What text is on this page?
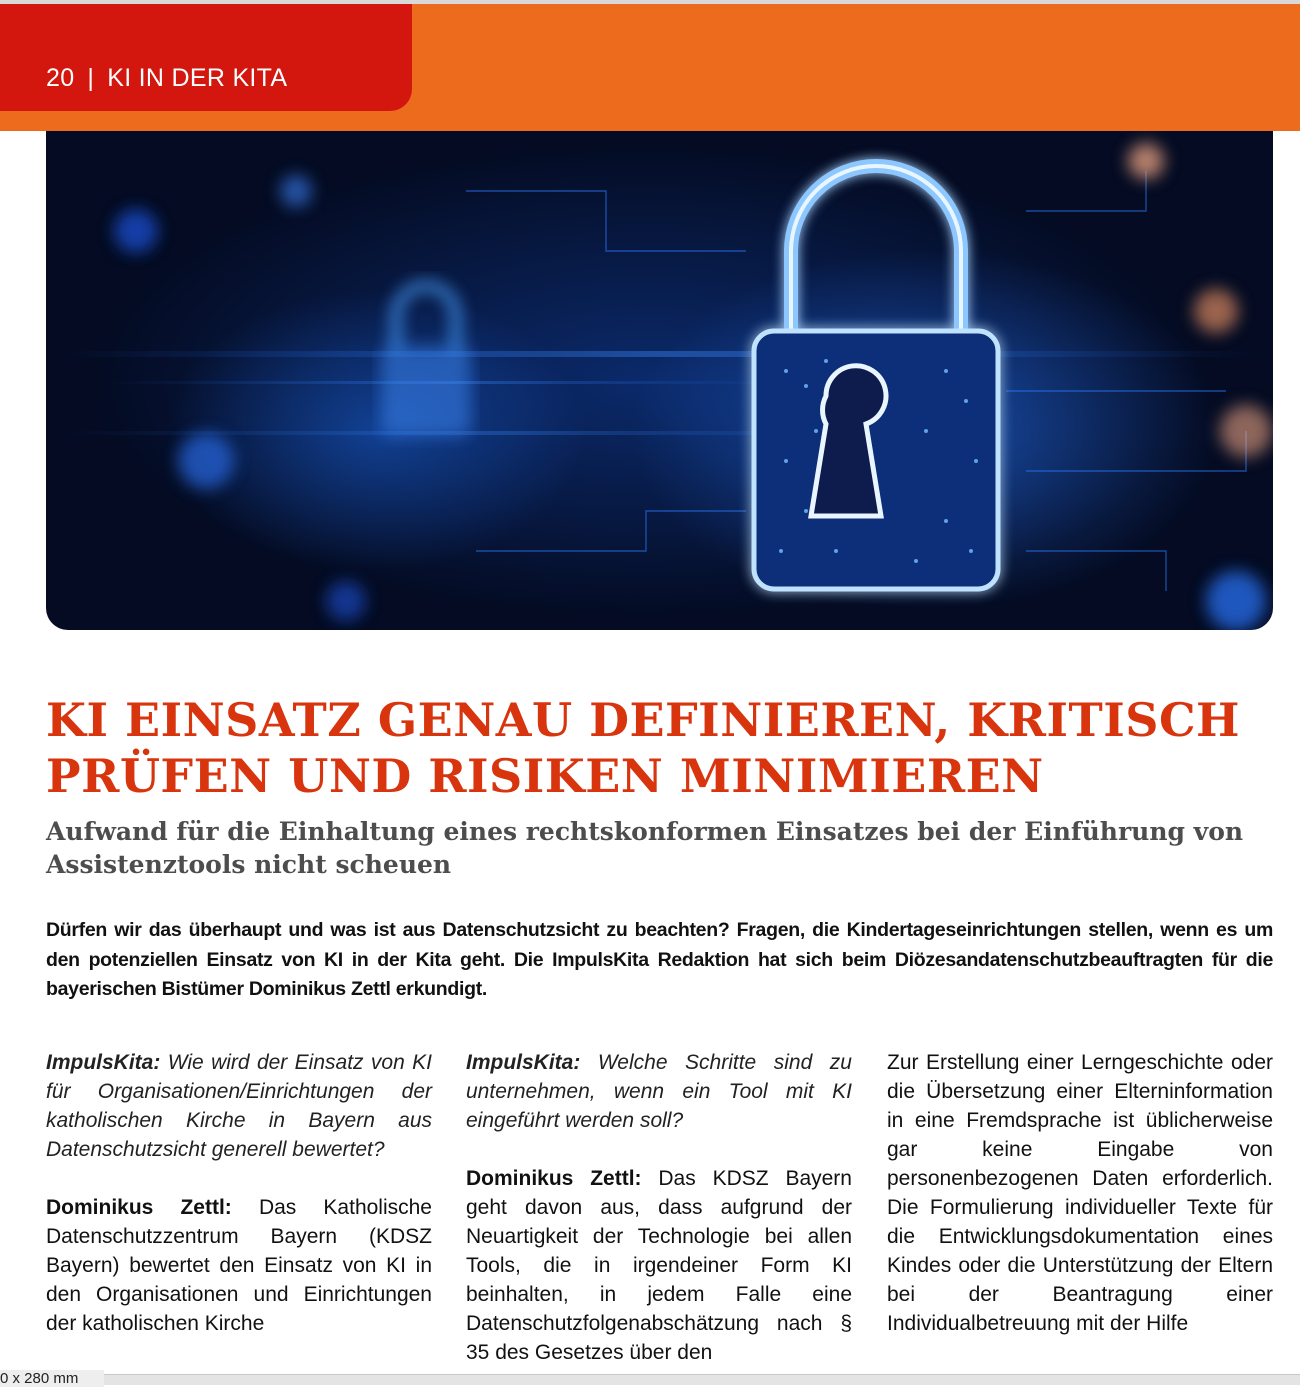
20 | KI IN DER KITA
KI EINSATZ GENAU DEFINIEREN, KRITISCH
PRÜFEN UND RISIKEN MINIMIEREN

Aufwand für die Einhaltung eines rechtskonformen Einsatzes bei der Einführung von Assistenztools nicht scheuen

Dürfen wir das überhaupt und was ist aus Datenschutzsicht zu beachten? Fragen, die Kindertageseinrichtungen stellen, wenn es um den potenziellen Einsatz von KI in der Kita geht. Die ImpulsKita Redaktion hat sich beim Diözesandatenschutzbeauftragten für die bayerischen Bistümer Dominikus Zettl erkundigt.

ImpulsKita: Wie wird der Einsatz von KI für Organisationen/Einrichtungen der katholischen Kirche in Bayern aus Datenschutzsicht generell bewertet?

Dominikus Zettl: Das Katholische Datenschutzzentrum Bayern (KDSZ Bayern) bewertet den Einsatz von KI in den Organisationen und Einrichtungen der katholischen Kirche

ImpulsKita: Welche Schritte sind zu unternehmen, wenn ein Tool mit KI eingeführt werden soll?

Dominikus Zettl: Das KDSZ Bayern geht davon aus, dass aufgrund der Neuartigkeit der Technologie bei allen Tools, die in irgendeiner Form KI beinhalten, in jedem Falle eine Datenschutzfolgenabschätzung nach § 35 des Gesetzes über den

Zur Erstellung einer Lerngeschichte oder die Übersetzung einer Elterninformation in eine Fremdsprache ist üblicherweise gar keine Eingabe von personenbezogenen Daten erforderlich. Die Formulierung individueller Texte für die Entwicklungsdokumentation eines Kindes oder die Unterstützung der Eltern bei der Beantragung einer Individualbetreuung mit der Hilfe

0 x 280 mm
